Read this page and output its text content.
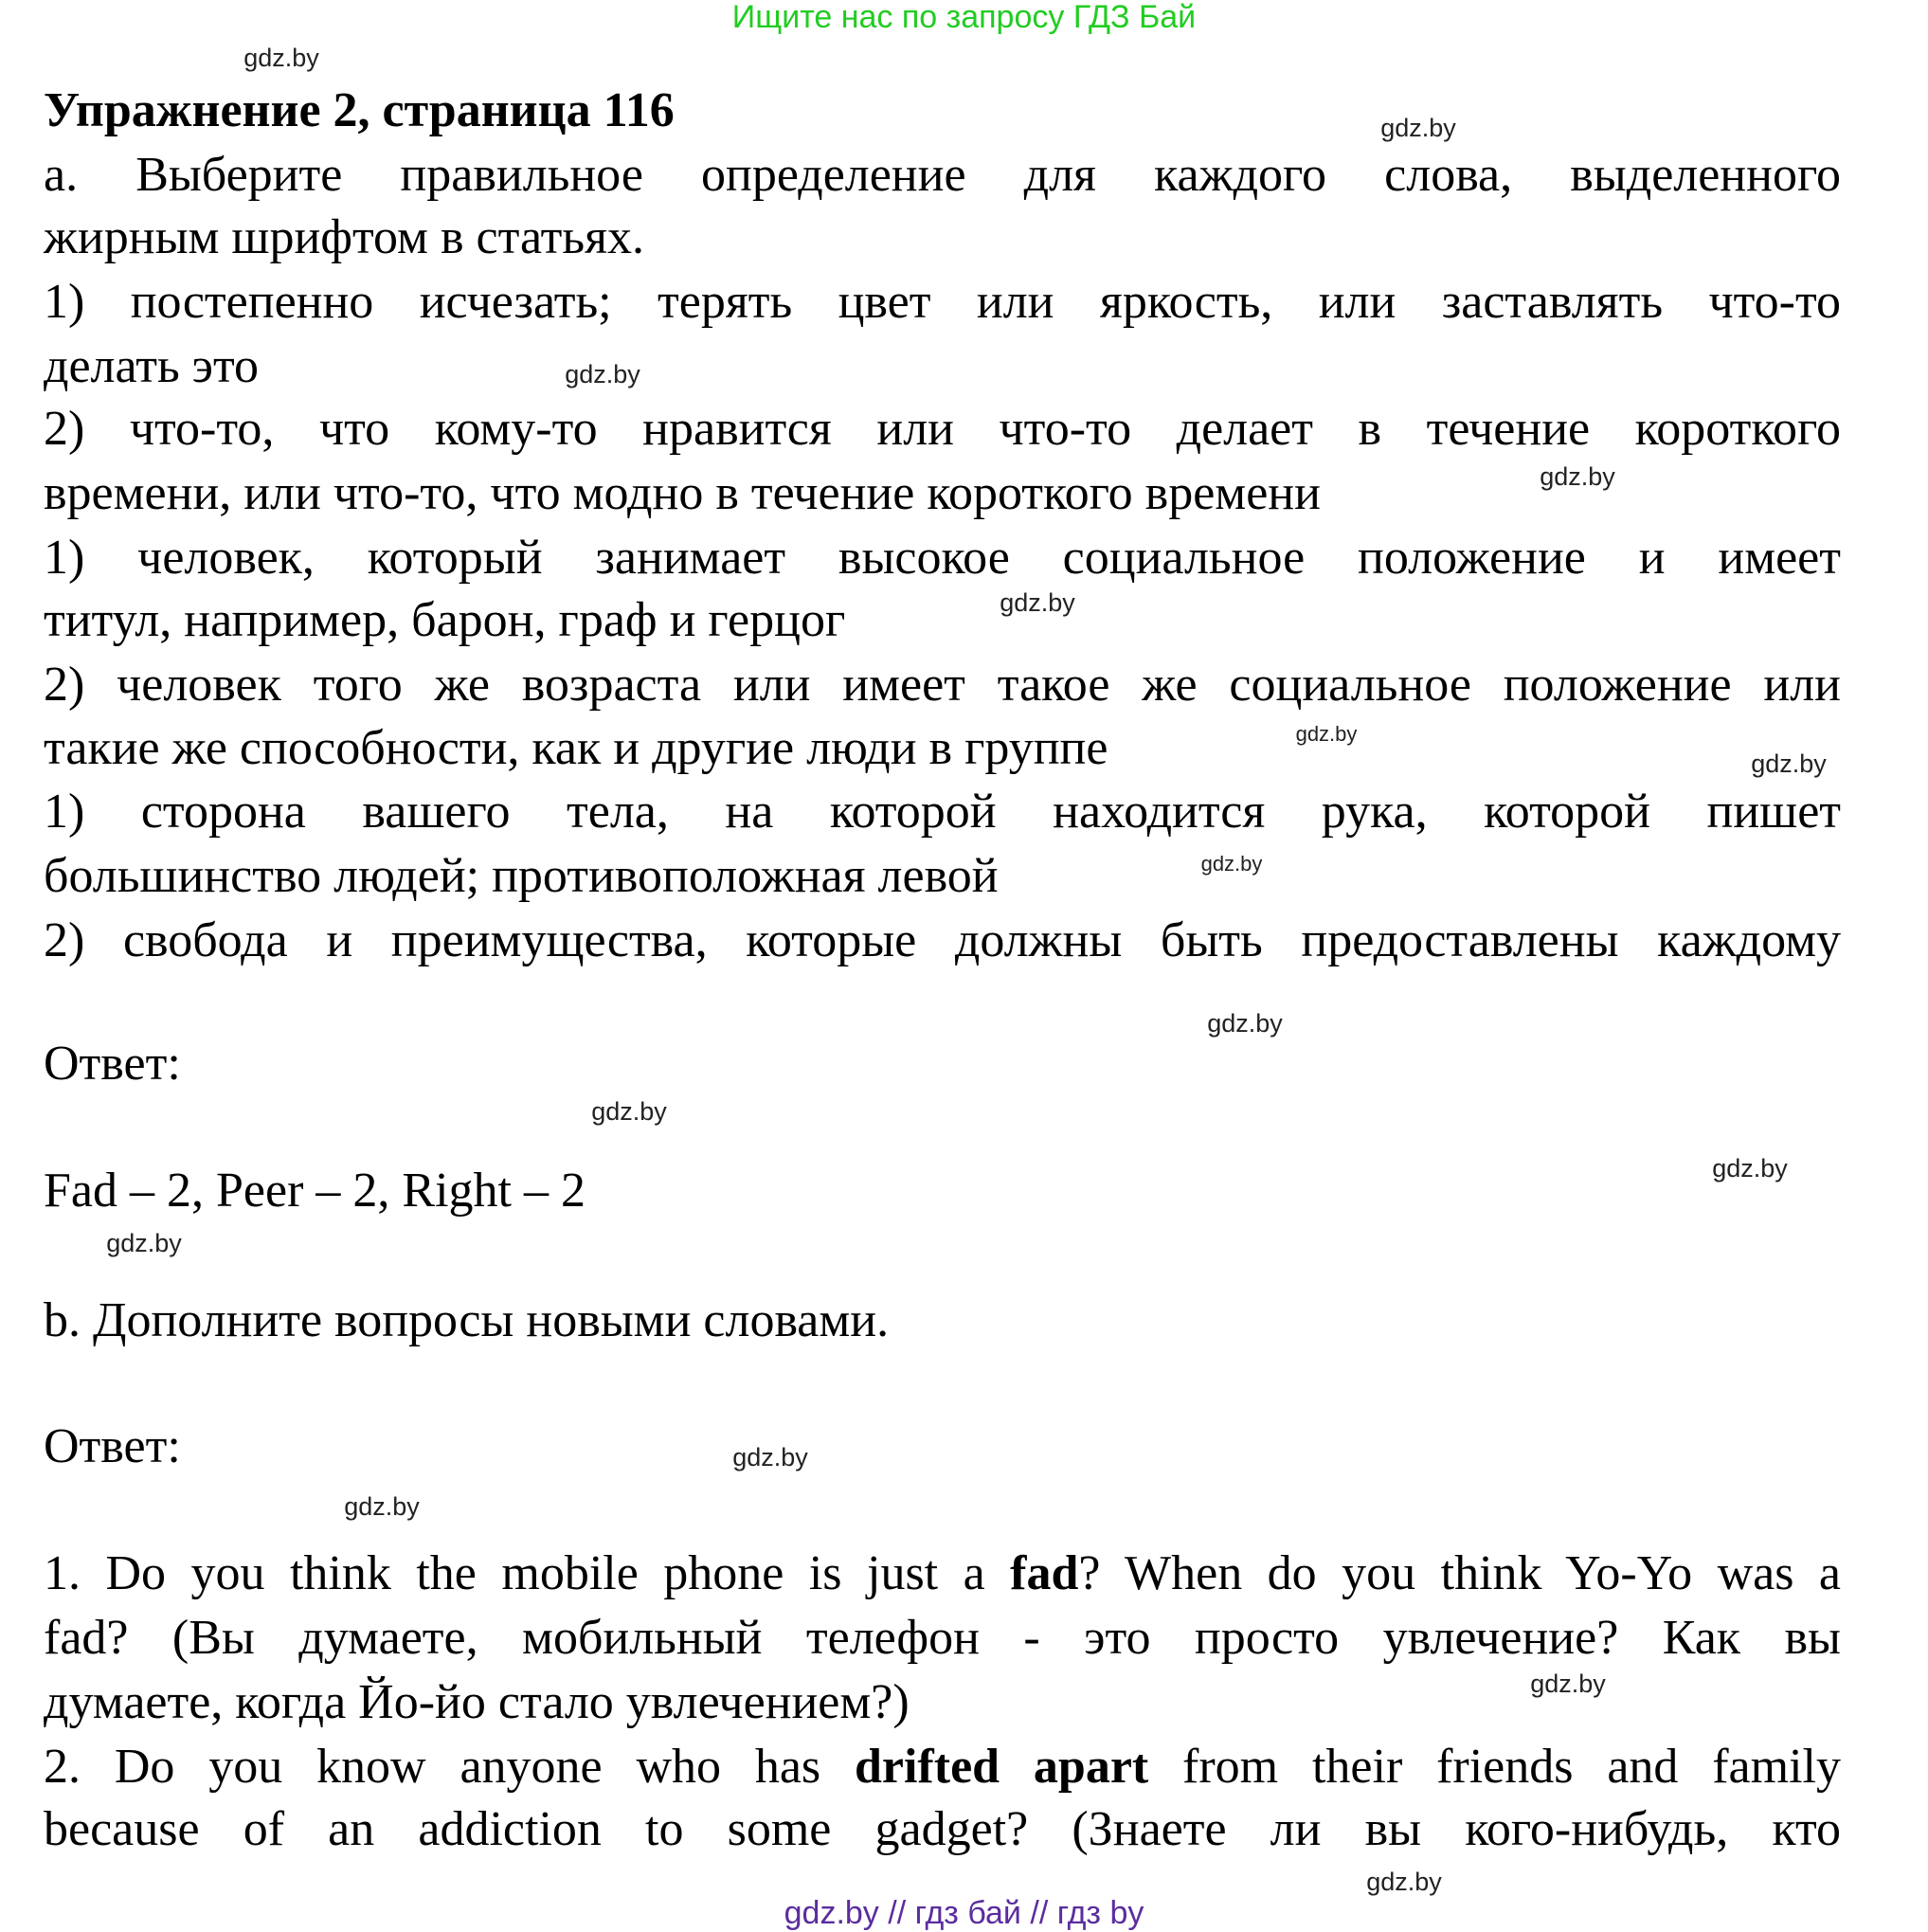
Ищите нас по запросу ГДЗ Бай
Упражнение 2, страница 116
а. Выберите правильное определение для каждого слова, выделенного
жирным шрифтом в статьях.
1) постепенно исчезать; терять цвет или яркость, или заставлять что-то
делать это
2) что-то, что кому-то нравится или что-то делает в течение короткого
времени, или что-то, что модно в течение короткого времени
1) человек, который занимает высокое социальное положение и имеет
титул, например, барон, граф и герцог
2) человек того же возраста или имеет такое же социальное положение или
такие же способности, как и другие люди в группе
1) сторона вашего тела, на которой находится рука, которой пишет
большинство людей; противоположная левой
2) свобода и преимущества, которые должны быть предоставлены каждому
Ответ:
Fad – 2, Peer – 2, Right – 2
b. Дополните вопросы новыми словами.
Ответ:
1. Do you think the mobile phone is just a fad? When do you think Yo-Yo was a
fad? (Вы думаете, мобильный телефон - это просто увлечение? Как вы
думаете, когда Йо-йо стало увлечением?)
2. Do you know anyone who has drifted apart from their friends and family
because of an addiction to some gadget? (Знаете ли вы кого-нибудь, кто
gdz.by
gdz.by
gdz.by
gdz.by
gdz.by
gdz.by
gdz.by
gdz.by
gdz.by
gdz.by
gdz.by
gdz.by
gdz.by
gdz.by
gdz.by
gdz.by
gdz.by // гдз бай // гдз by
